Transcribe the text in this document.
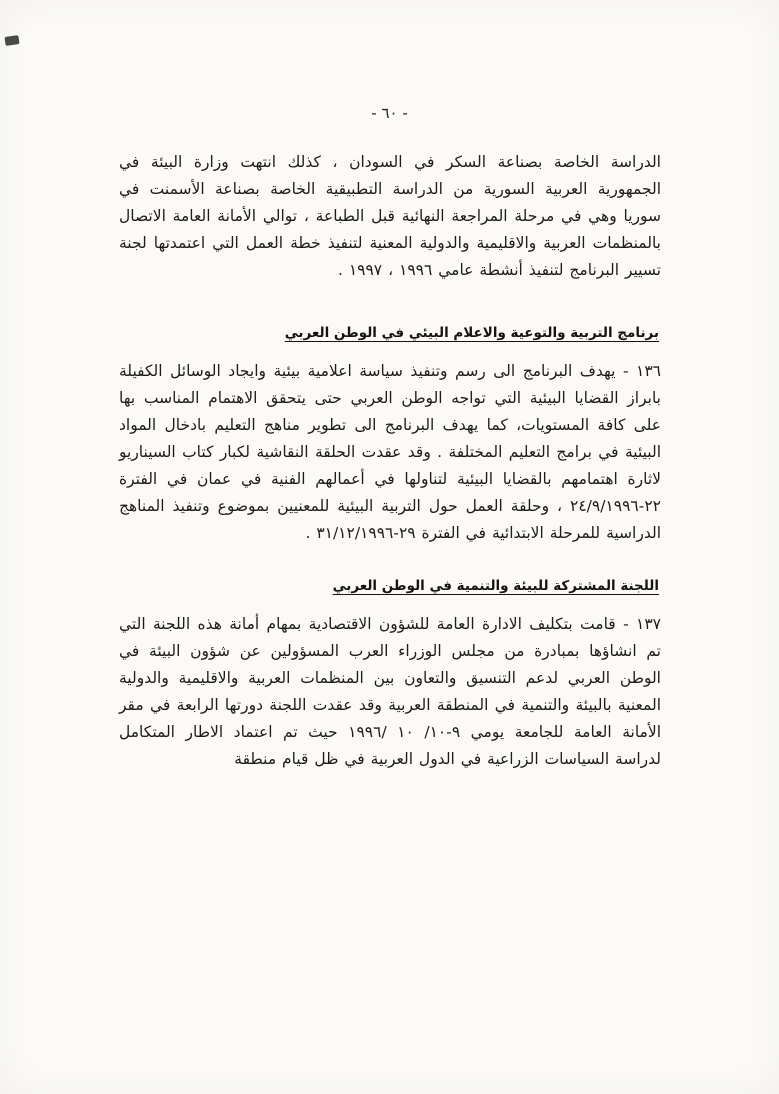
- ٦٠ -

الدراسة الخاصة بصناعة السكر في السودان ، كذلك انتهت وزارة البيئة في الجمهورية العربية السورية من الدراسة التطبيقية الخاصة بصناعة الأسمنت في سوريا وهي في مرحلة المراجعة النهائية قبل الطباعة ، توالي الأمانة العامة الاتصال بالمنظمات العربية والاقليمية والدولية المعنية لتنفيذ خطة العمل التي اعتمدتها لجنة تسيير البرنامج لتنفيذ أنشطة عامي ١٩٩٦ ، ١٩٩٧ .

برنامج التربية والتوعية والاعلام البيئي في الوطن العربي

١٣٦ - يهدف البرنامج الى رسم وتنفيذ سياسة اعلامية بيئية وايجاد الوسائل الكفيلة بابراز القضايا البيئية التي تواجه الوطن العربي حتى يتحقق الاهتمام المناسب بها على كافة المستويات، كما يهدف البرنامج الى تطوير مناهج التعليم بادخال المواد البيئية في برامج التعليم المختلفة . وقد عقدت الحلقة النقاشية لكبار كتاب السيناريو لاثارة اهتمامهم بالقضايا البيئية لتناولها في أعمالهم الفنية في عمان في الفترة ٢٢-٢٤/٩/١٩٩٦ ، وحلقة العمل حول التربية البيئية للمعنيين بموضوع وتنفيذ المناهج الدراسية للمرحلة الابتدائية في الفترة ٢٩-٣١/١٢/١٩٩٦ .

اللجنة المشتركة للبيئة والتنمية في الوطن العربي

١٣٧ - قامت بتكليف الادارة العامة للشؤون الاقتصادية بمهام أمانة هذه اللجنة التي تم انشاؤها بمبادرة من مجلس الوزراء العرب المسؤولين عن شؤون البيئة في الوطن العربي لدعم التنسيق والتعاون بين المنظمات العربية والاقليمية والدولية المعنية بالبيئة والتنمية في المنطقة العربية وقد عقدت اللجنة دورتها الرابعة في مقر الأمانة العامة للجامعة يومي ٩-١٠/ ١٠ /١٩٩٦ حيث تم اعتماد الاطار المتكامل لدراسة السياسات الزراعية في الدول العربية في ظل قيام منطقة
